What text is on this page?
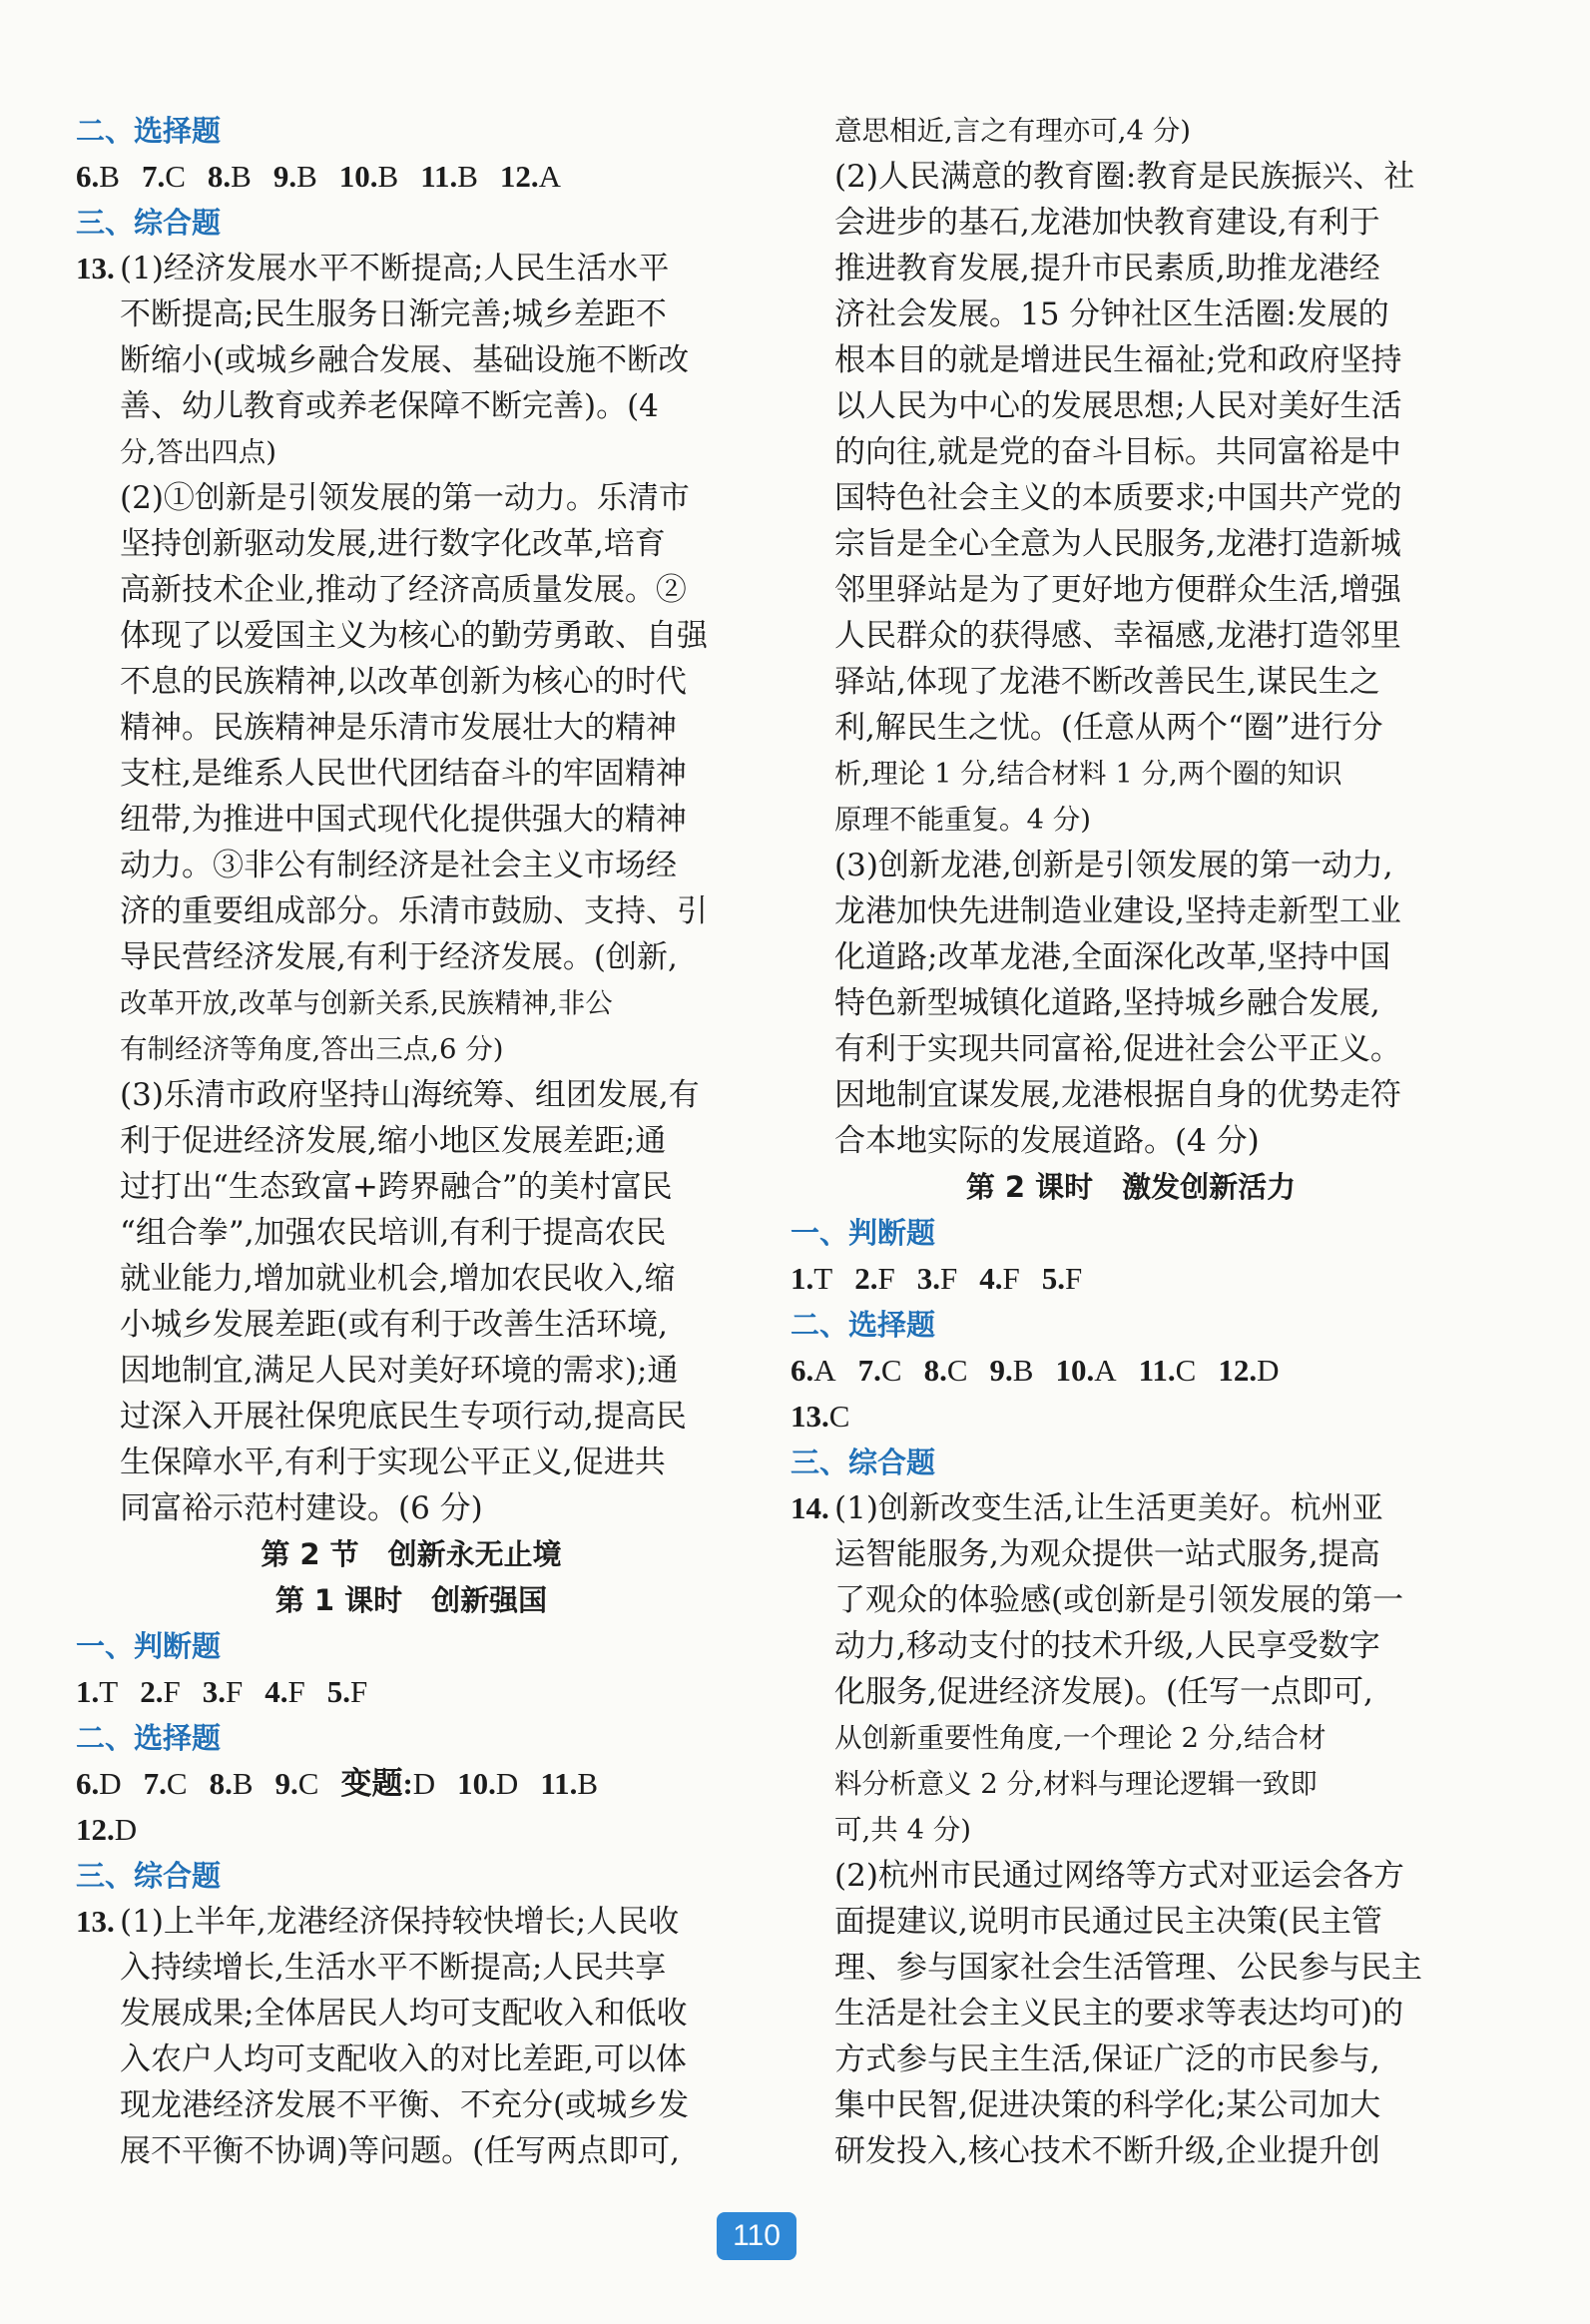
二、选择题
6.B 7.C 8.B 9.B 10.B 11.B 12.A
三、综合题
13. (1)经济发展水平不断提高;人民生活水平
不断提高;民生服务日渐完善;城乡差距不
断缩小(或城乡融合发展、基础设施不断改
善、幼儿教育或养老保障不断完善)。(4
分,答出四点)
(2)①创新是引领发展的第一动力。乐清市
坚持创新驱动发展,进行数字化改革,培育
高新技术企业,推动了经济高质量发展。②
体现了以爱国主义为核心的勤劳勇敢、自强
不息的民族精神,以改革创新为核心的时代
精神。民族精神是乐清市发展壮大的精神
支柱,是维系人民世代团结奋斗的牢固精神
纽带,为推进中国式现代化提供强大的精神
动力。③非公有制经济是社会主义市场经
济的重要组成部分。乐清市鼓励、支持、引
导民营经济发展,有利于经济发展。(创新,
改革开放,改革与创新关系,民族精神,非公
有制经济等角度,答出三点,6 分)
(3)乐清市政府坚持山海统筹、组团发展,有
利于促进经济发展,缩小地区发展差距;通
过打出“生态致富+跨界融合”的美村富民
“组合拳”,加强农民培训,有利于提高农民
就业能力,增加就业机会,增加农民收入,缩
小城乡发展差距(或有利于改善生活环境,
因地制宜,满足人民对美好环境的需求);通
过深入开展社保兜底民生专项行动,提高民
生保障水平,有利于实现公平正义,促进共
同富裕示范村建设。(6 分)
第 2 节　创新永无止境
第 1 课时　创新强国
一、判断题
1.T 2.F 3.F 4.F 5.F
二、选择题
6.D 7.C 8.B 9.C 变题:D 10.D 11.B
12.D
三、综合题
13. (1)上半年,龙港经济保持较快增长;人民收
入持续增长,生活水平不断提高;人民共享
发展成果;全体居民人均可支配收入和低收
入农户人均可支配收入的对比差距,可以体
现龙港经济发展不平衡、不充分(或城乡发
展不平衡不协调)等问题。(任写两点即可,
意思相近,言之有理亦可,4 分)
(2)人民满意的教育圈:教育是民族振兴、社
会进步的基石,龙港加快教育建设,有利于
推进教育发展,提升市民素质,助推龙港经
济社会发展。15 分钟社区生活圈:发展的
根本目的就是增进民生福祉;党和政府坚持
以人民为中心的发展思想;人民对美好生活
的向往,就是党的奋斗目标。共同富裕是中
国特色社会主义的本质要求;中国共产党的
宗旨是全心全意为人民服务,龙港打造新城
邻里驿站是为了更好地方便群众生活,增强
人民群众的获得感、幸福感,龙港打造邻里
驿站,体现了龙港不断改善民生,谋民生之
利,解民生之忧。(任意从两个“圈”进行分
析,理论 1 分,结合材料 1 分,两个圈的知识
原理不能重复。4 分)
(3)创新龙港,创新是引领发展的第一动力,
龙港加快先进制造业建设,坚持走新型工业
化道路;改革龙港,全面深化改革,坚持中国
特色新型城镇化道路,坚持城乡融合发展,
有利于实现共同富裕,促进社会公平正义。
因地制宜谋发展,龙港根据自身的优势走符
合本地实际的发展道路。(4 分)
第 2 课时　激发创新活力
一、判断题
1.T 2.F 3.F 4.F 5.F
二、选择题
6.A 7.C 8.C 9.B 10.A 11.C 12.D
13.C
三、综合题
14. (1)创新改变生活,让生活更美好。杭州亚
运智能服务,为观众提供一站式服务,提高
了观众的体验感(或创新是引领发展的第一
动力,移动支付的技术升级,人民享受数字
化服务,促进经济发展)。(任写一点即可,
从创新重要性角度,一个理论 2 分,结合材
料分析意义 2 分,材料与理论逻辑一致即
可,共 4 分)
(2)杭州市民通过网络等方式对亚运会各方
面提建议,说明市民通过民主决策(民主管
理、参与国家社会生活管理、公民参与民主
生活是社会主义民主的要求等表达均可)的
方式参与民主生活,保证广泛的市民参与,
集中民智,促进决策的科学化;某公司加大
研发投入,核心技术不断升级,企业提升创
110
